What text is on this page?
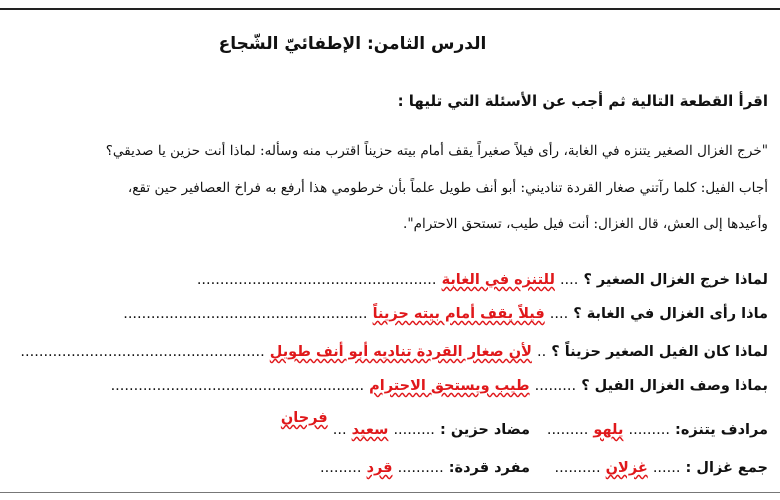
الدرس الثامن: الإطفائيّ الشّجاع
اقرأ القطعة التالية ثم أجب عن الأسئلة التي تليها :
"خرج الغزال الصغير يتنزه في الغابة، رأى فيلاً صغيراً يقف أمام بيته حزيناً اقترب منه وسأله: لماذا أنت حزين يا صديقي؟
أجاب الفيل: كلما رآتني صغار القردة تناديني: أبو أنف طويل علماً بأن خرطومي هذا أرفع به فراخ العصافير حين تقع،
وأعيدها إلى العش، قال الغزال: أنت فيل طيب، تستحق الاحترام".
لماذا خرج الغزال الصغير ؟ .... للتنزه في الغابة ....................................................
ماذا رأى الغزال في الغابة ؟ .... فيلاً يقف أمام بيته حزيناً .....................................................
لماذا كان الفيل الصغير حزيناً ؟ .. لأن صغار القردة تناديه أبو أنف طويل .....................................................
بماذا وصف الغزال الفيل ؟ ......... طيب ويستحق الاحترام .......................................................
مرادف يتنزه: ......... يلهو .........
مضاد حزين : ......... سعيد ... فرحان
جمع غزال : ...... غزلان ..........
مفرد قردة: .......... قرد .........
